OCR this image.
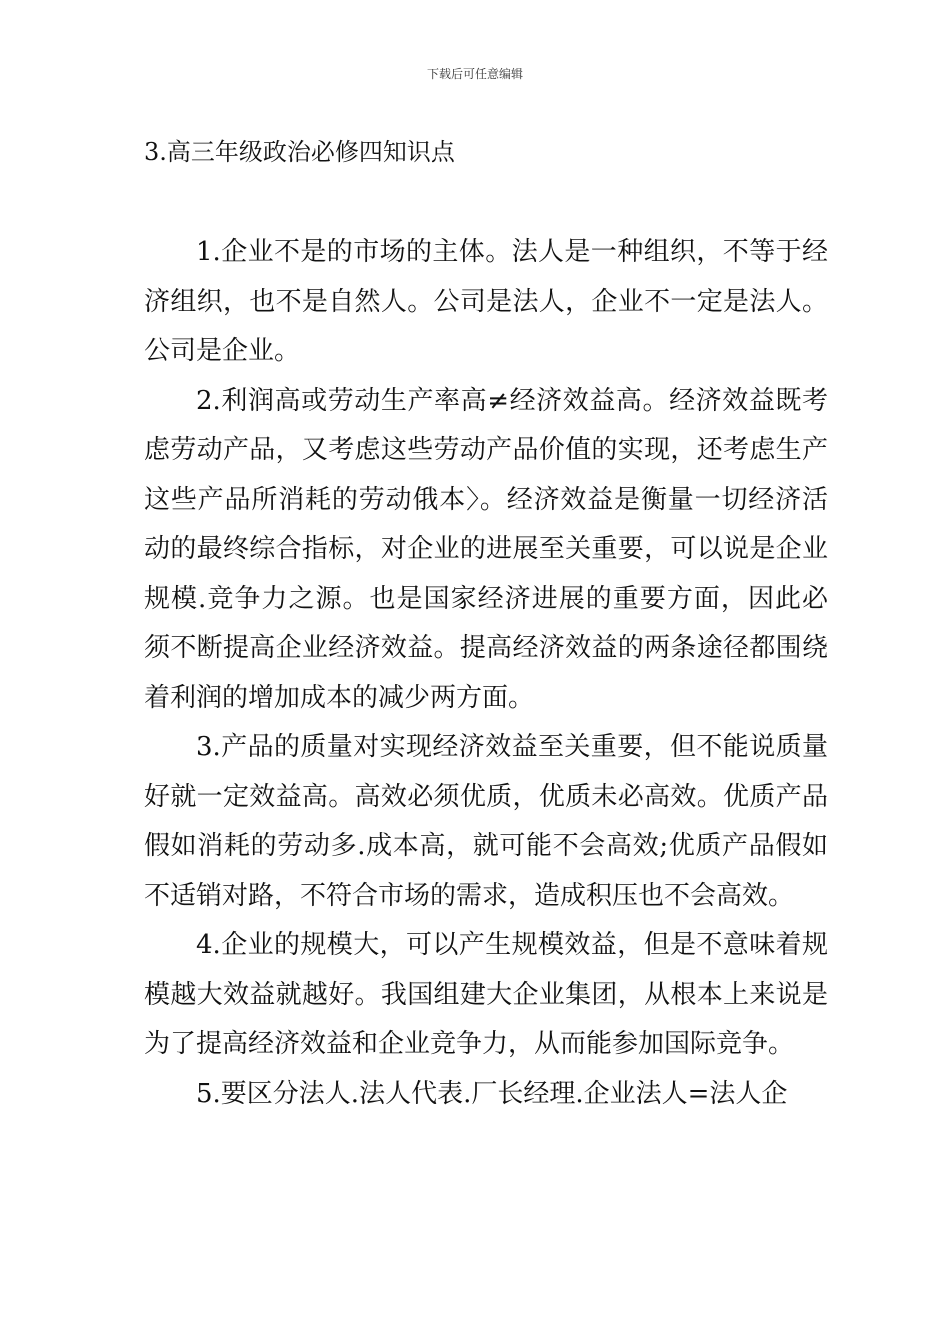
下载后可任意编辑
3.高三年级政治必修四知识点

1.企业不是的市场的主体。法人是一种组织，不等于经济组织，也不是自然人。公司是法人，企业不一定是法人。公司是企业。

2.利润高或劳动生产率高≠经济效益高。经济效益既考虑劳动产品，又考虑这些劳动产品价值的实现，还考虑生产这些产品所消耗的劳动俄本〉。经济效益是衡量一切经济活动的最终综合指标，对企业的进展至关重要，可以说是企业规模.竞争力之源。也是国家经济进展的重要方面，因此必须不断提高企业经济效益。提高经济效益的两条途径都围绕着利润的增加成本的减少两方面。

3.产品的质量对实现经济效益至关重要，但不能说质量好就一定效益高。高效必须优质，优质未必高效。优质产品假如消耗的劳动多.成本高，就可能不会高效;优质产品假如不适销对路，不符合市场的需求，造成积压也不会高效。

4.企业的规模大，可以产生规模效益，但是不意味着规模越大效益就越好。我国组建大企业集团，从根本上来说是为了提高经济效益和企业竞争力，从而能参加国际竞争。

5.要区分法人.法人代表.厂长经理.企业法人=法人企
